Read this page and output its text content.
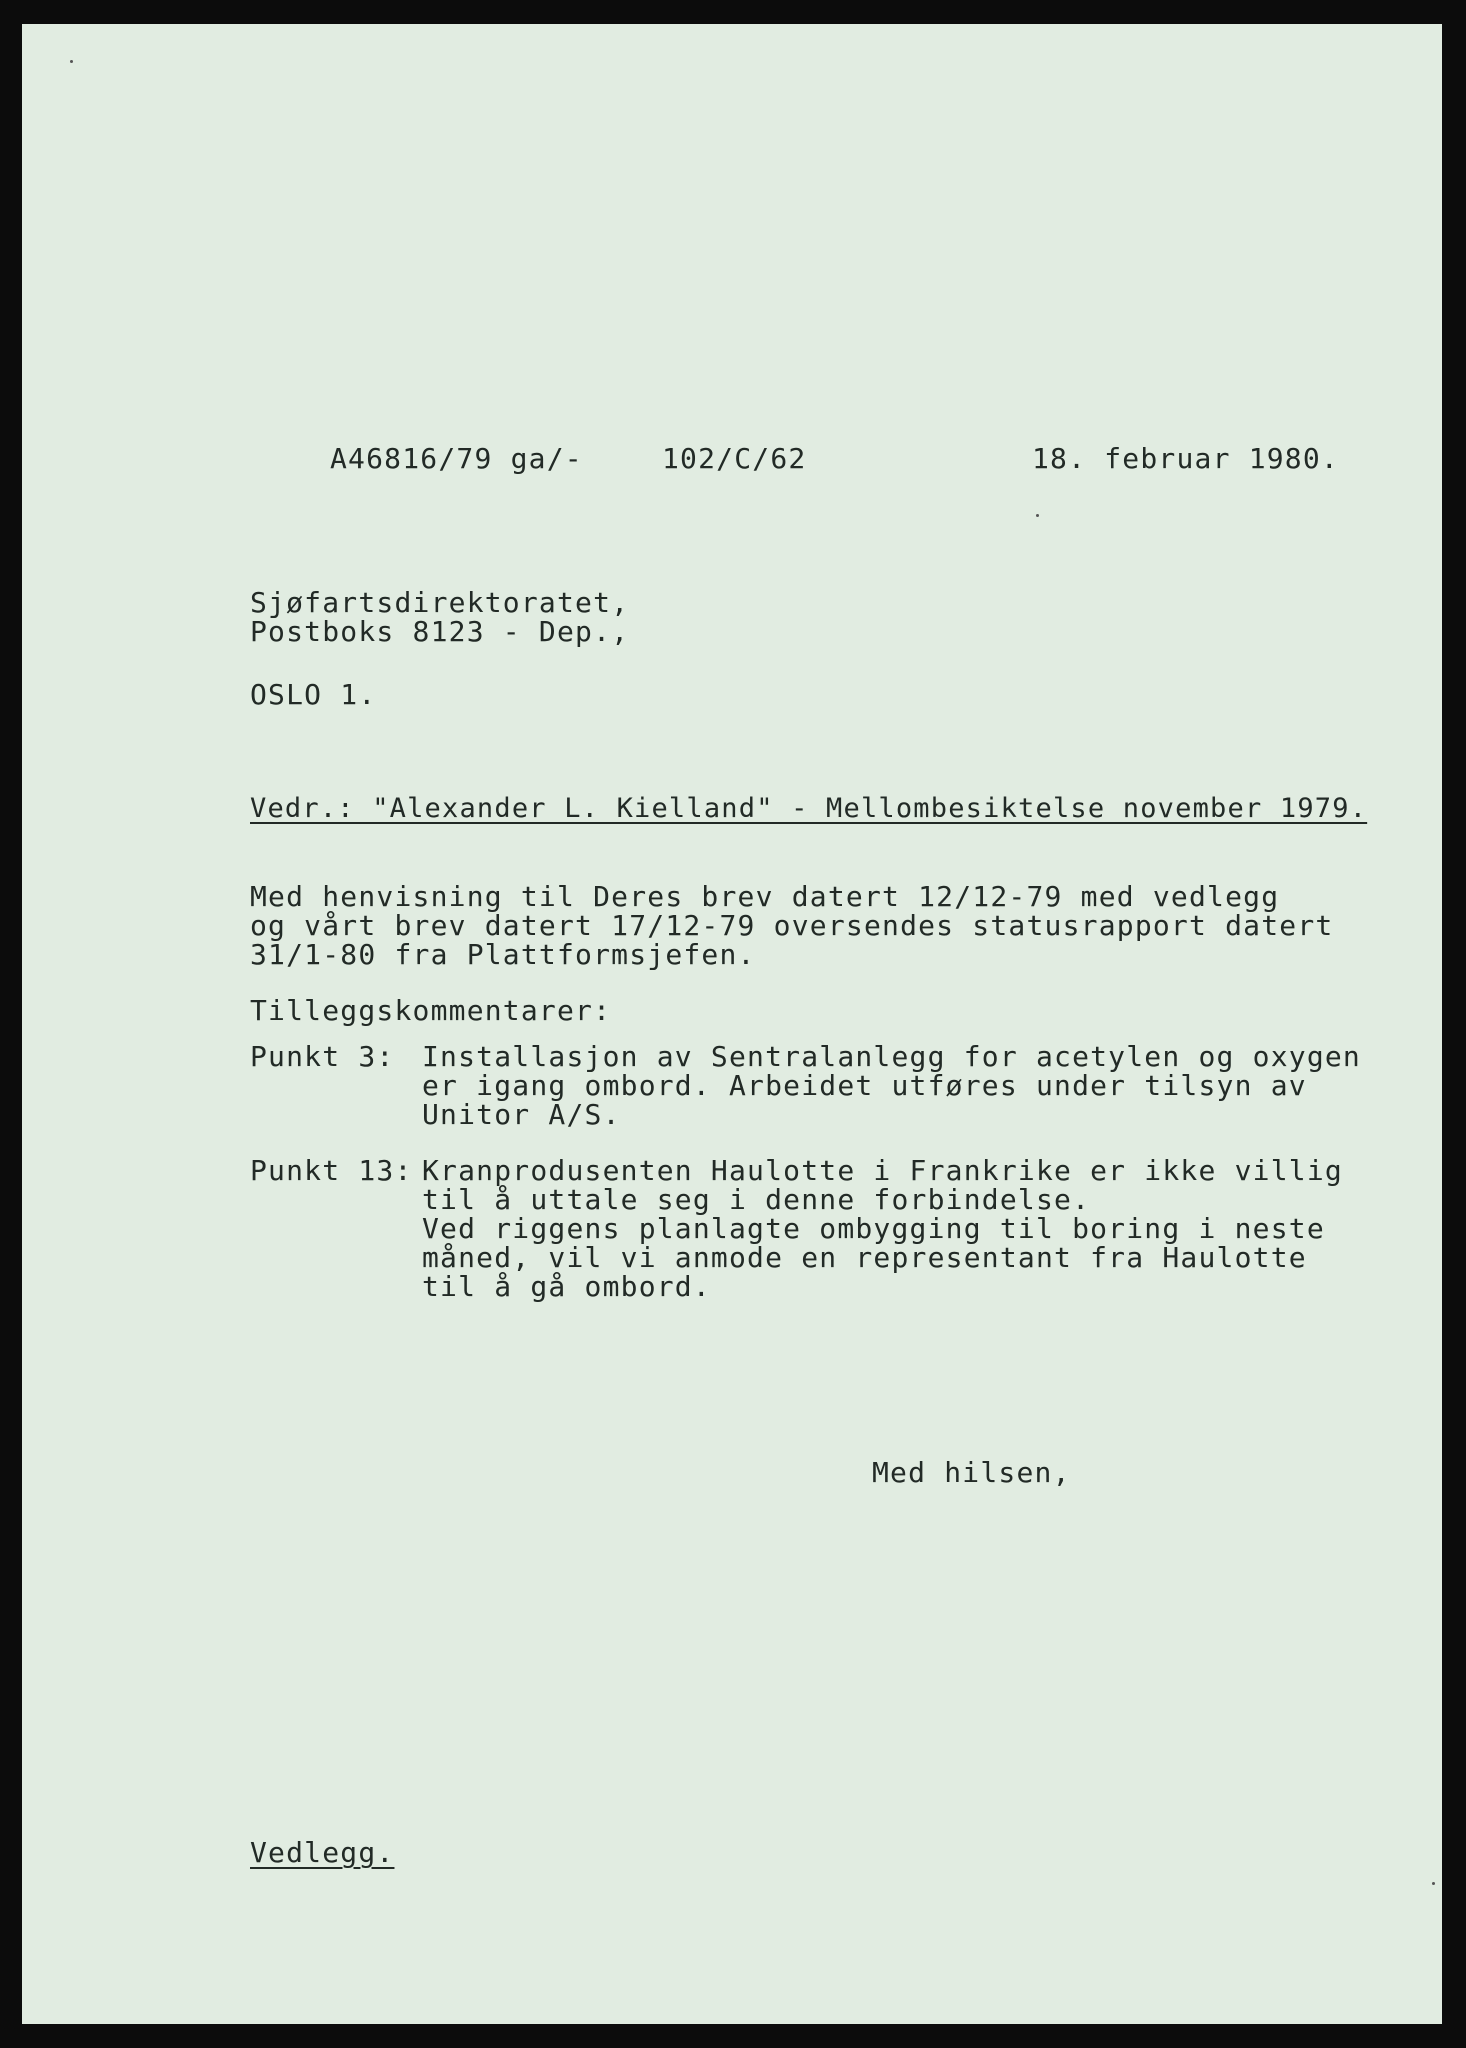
A46816/79 ga/-	102/C/62	18. februar 1980.
Sjøfartsdirektoratet,
Postboks 8123 - Dep.,
OSLO 1.
Vedr.: "Alexander L. Kielland" - Mellombesiktelse november 1979.
Med henvisning til Deres brev datert 12/12-79 med vedlegg
og vårt brev datert 17/12-79 oversendes statusrapport datert
31/1-80 fra Plattformsjefen.
Tilleggskommentarer:
Punkt 3: Installasjon av Sentralanlegg for acetylen og oxygen
er igang ombord. Arbeidet utføres under tilsyn av
Unitor A/S.
Punkt 13: Kranprodusenten Haulotte i Frankrike er ikke villig
til å uttale seg i denne forbindelse.
Ved riggens planlagte ombygging til boring i neste
måned, vil vi anmode en representant fra Haulotte
til å gå ombord.
Med hilsen,
Vedlegg.
